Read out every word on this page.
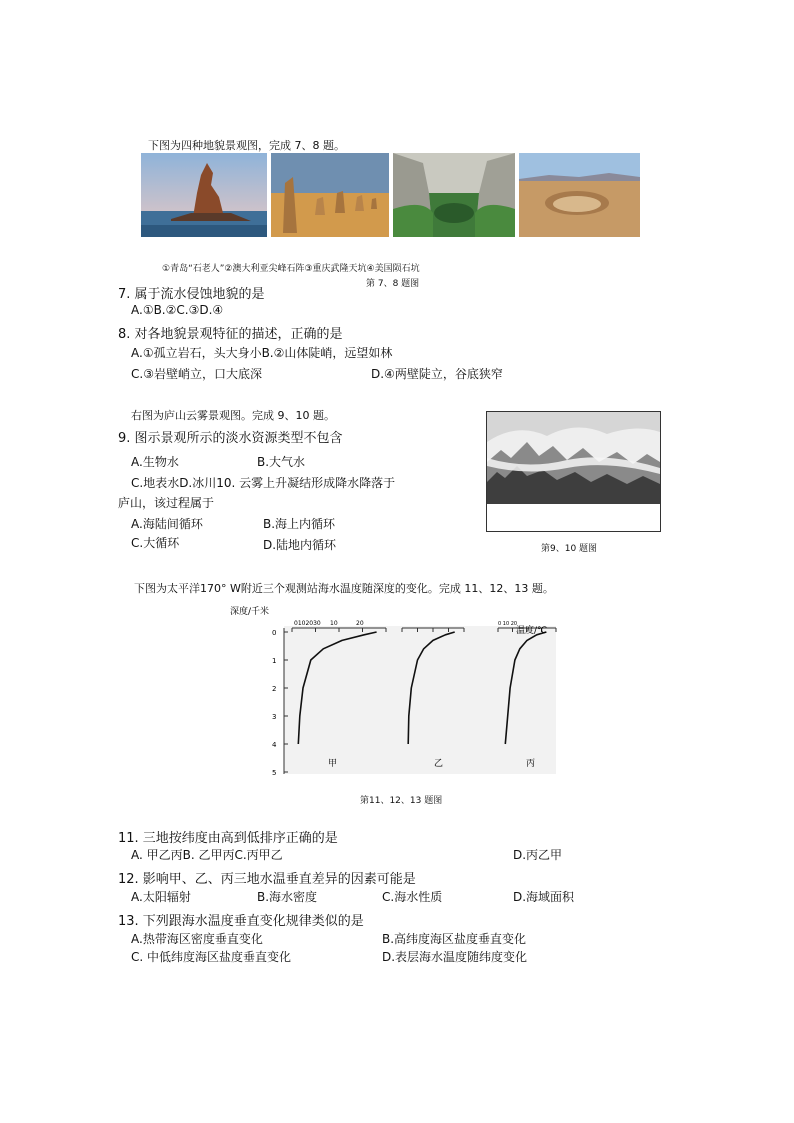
下图为四种地貌景观图，完成 7、8 题。
①青岛“石老人”②澳大利亚尖峰石阵③重庆武隆天坑④美国陨石坑
第 7、8 题图
7. 属于流水侵蚀地貌的是
A.①B.②C.③D.④
8. 对各地貌景观特征的描述，正确的是
A.①孤立岩石，头大身小B.②山体陡峭，远望如林
C.③岩壁峭立，口大底深	D.④两壁陡立，谷底狭窄
右图为庐山云雾景观图。完成 9、10 题。
第9、10 题图
9. 图示景观所示的淡水资源类型不包含
A.生物水	B.大气水
C.地表水D.冰川10. 云雾上升凝结形成降水降落于
庐山，该过程属于
A.海陆间循环	B.海上内循环
C.大循环	D.陆地内循环
下图为太平洋170° W附近三个观测站海水温度随深度的变化。完成 11、12、13 题。
深度/千米
0
1
2
3
4
5
0102030 10	20	0 10 20
甲	乙	丙
温度/℃
第11、12、13 题图
11. 三地按纬度由高到低排序正确的是
A. 甲乙丙B. 乙甲丙C.丙甲乙	D.丙乙甲
12. 影响甲、乙、丙三地水温垂直差异的因素可能是
A.太阳辐射	B.海水密度	C.海水性质	D.海域面积
13. 下列跟海水温度垂直变化规律类似的是
A.热带海区密度垂直变化	B.高纬度海区盐度垂直变化
C. 中低纬度海区盐度垂直变化	D.表层海水温度随纬度变化
